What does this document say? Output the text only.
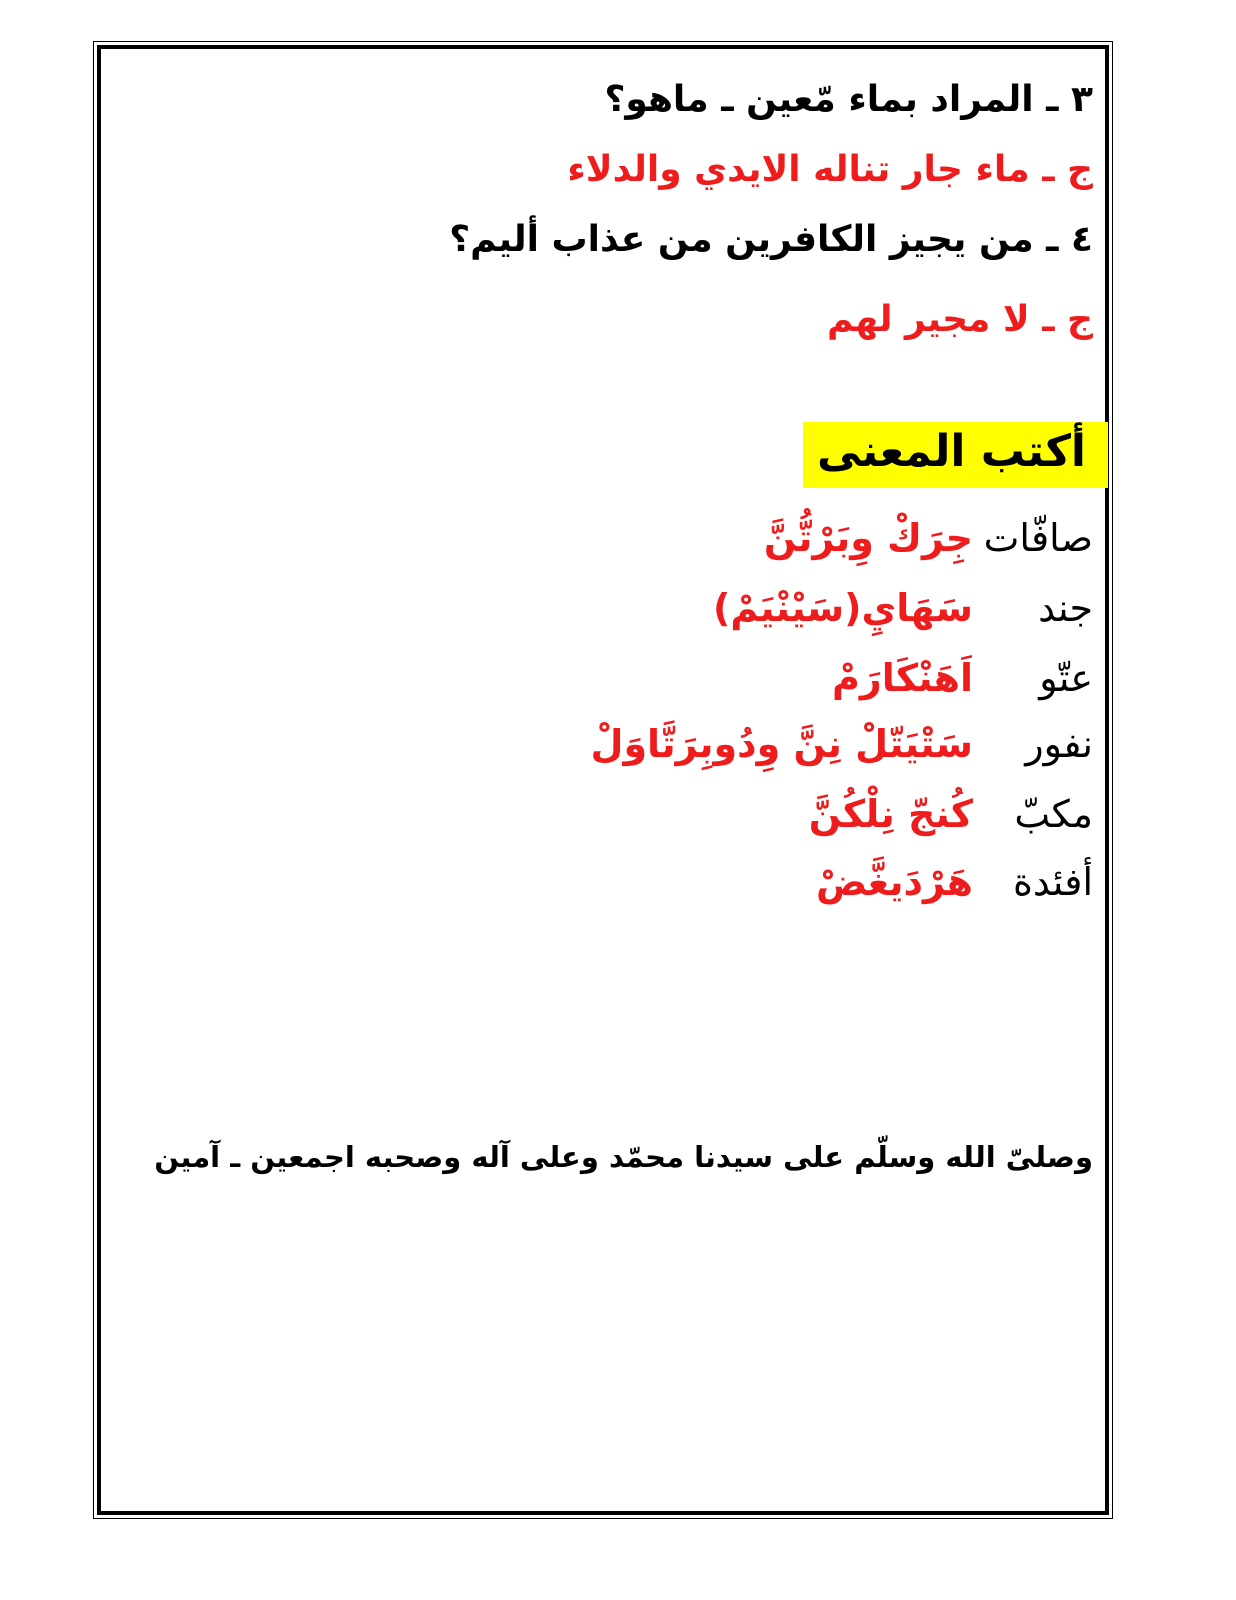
٣ ـ المراد بماء مّعين ـ ماهو؟
ج ـ ماء جار تناله الايدي والدلاء
٤ ـ من يجيز الكافرين من عذاب أليم؟
ج ـ لا مجير لهم
أكتب المعنى
صافّات
جِرَكْ وِبَرْتُّنَّ
جند
سَهَايِ(سَيْنْيَمْ)
عتّو
اَهَنْكَارَمْ
نفور
سَتْيَتّلْ نِنَّ وِدُوبِرَتَّاوَلْ
مكبّ
كُنجّ نِلْكُنَّ
أفئدة
هَرْدَيغَّضْ
وصلىّ الله وسلّم على سيدنا محمّد وعلى آله وصحبه اجمعين ـ آمين
